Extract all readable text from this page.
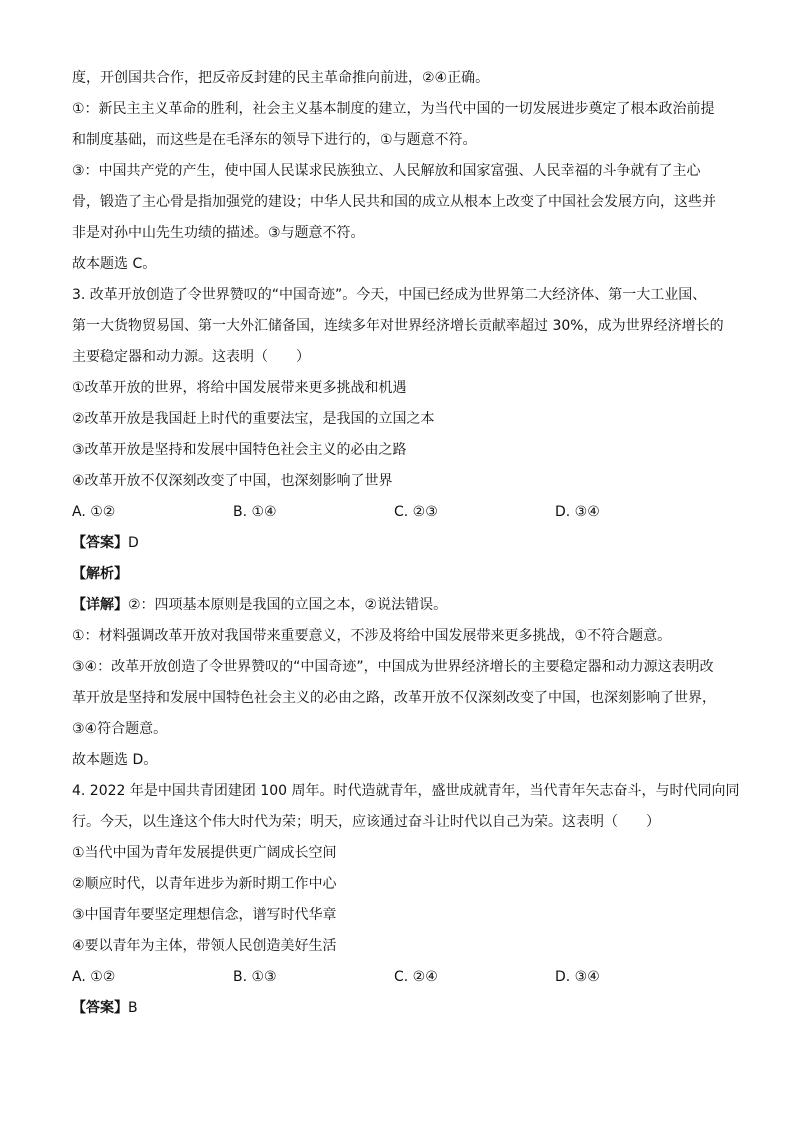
度，开创国共合作，把反帝反封建的民主革命推向前进，②④正确。
①：新民主主义革命的胜利，社会主义基本制度的建立，为当代中国的一切发展进步奠定了根本政治前提
和制度基础，而这些是在毛泽东的领导下进行的，①与题意不符。
③：中国共产党的产生，使中国人民谋求民族独立、人民解放和国家富强、人民幸福的斗争就有了主心
骨，锻造了主心骨是指加强党的建设；中华人民共和国的成立从根本上改变了中国社会发展方向，这些并
非是对孙中山先生功绩的描述。③与题意不符。
故本题选 C。
3. 改革开放创造了令世界赞叹的“中国奇迹”。今天，中国已经成为世界第二大经济体、第一大工业国、
第一大货物贸易国、第一大外汇储备国，连续多年对世界经济增长贡献率超过 30%，成为世界经济增长的
主要稳定器和动力源。这表明（　　）
①改革开放的世界，将给中国发展带来更多挑战和机遇
②改革开放是我国赶上时代的重要法宝，是我国的立国之本
③改革开放是坚持和发展中国特色社会主义的必由之路
④改革开放不仅深刻改变了中国，也深刻影响了世界
A. ①②	B. ①④	C. ②③	D. ③④
【答案】D
【解析】
【详解】②：四项基本原则是我国的立国之本，②说法错误。
①：材料强调改革开放对我国带来重要意义，不涉及将给中国发展带来更多挑战，①不符合题意。
③④：改革开放创造了令世界赞叹的“中国奇迹”，中国成为世界经济增长的主要稳定器和动力源这表明改
革开放是坚持和发展中国特色社会主义的必由之路，改革开放不仅深刻改变了中国，也深刻影响了世界，
③④符合题意。
故本题选 D。
4. 2022 年是中国共青团建团 100 周年。时代造就青年，盛世成就青年，当代青年矢志奋斗，与时代同向同
行。今天，以生逢这个伟大时代为荣；明天，应该通过奋斗让时代以自己为荣。这表明（　　）
①当代中国为青年发展提供更广阔成长空间
②顺应时代，以青年进步为新时期工作中心
③中国青年要坚定理想信念，谱写时代华章
④要以青年为主体，带领人民创造美好生活
A. ①②	B. ①③	C. ②④	D. ③④
【答案】B
